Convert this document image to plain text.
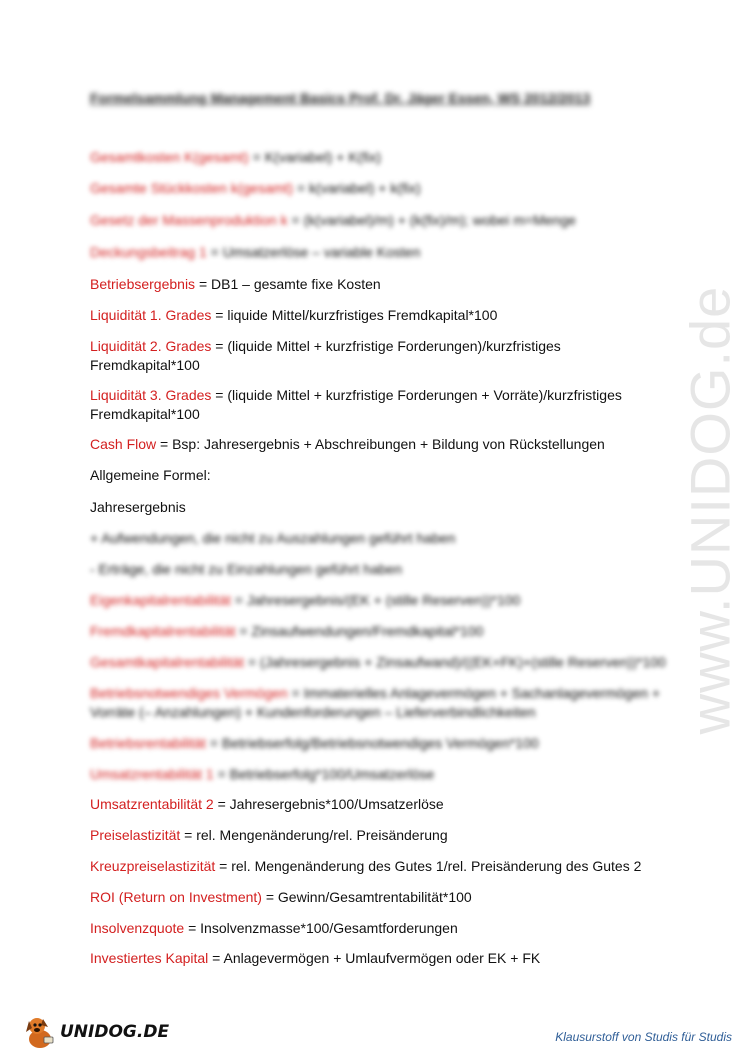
www.UNIDOG.de
Formelsammlung Management Basics Prof. Dr. Jäger Essen, WS 2012/2013
Gesamtkosten K(gesamt) = K(variabel) + K(fix)
Gesamte Stückkosten k(gesamt) = k(variabel) + k(fix)
Gesetz der Massenproduktion k = (k(variabel)/m) + (k(fix)/m); wobei m=Menge
Deckungsbeitrag 1 = Umsatzerlöse – variable Kosten
Betriebsergebnis = DB1 – gesamte fixe Kosten
Liquidität 1. Grades = liquide Mittel/kurzfristiges Fremdkapital*100
Liquidität 2. Grades = (liquide Mittel + kurzfristige Forderungen)/kurzfristiges Fremdkapital*100
Liquidität 3. Grades = (liquide Mittel + kurzfristige Forderungen + Vorräte)/kurzfristiges Fremdkapital*100
Cash Flow = Bsp: Jahresergebnis + Abschreibungen + Bildung von Rückstellungen
Allgemeine Formel:
Jahresergebnis
+ Aufwendungen, die nicht zu Auszahlungen geführt haben
- Erträge, die nicht zu Einzahlungen geführt haben
Eigenkapitalrentabilität = Jahresergebnis/(EK + (stille Reserven))*100
Fremdkapitalrentabilität = Zinsaufwendungen/Fremdkapital*100
Gesamtkapitalrentabilität = (Jahresergebnis + Zinsaufwand)/((EK+FK)+(stille Reserven))*100
Betriebsnotwendiges Vermögen = Immaterielles Anlagevermögen + Sachanlagevermögen + Vorräte (– Anzahlungen) + Kundenforderungen – Lieferverbindlichkeiten
Betriebsrentabilität = Betriebserfolg/Betriebsnotwendiges Vermögen*100
Umsatzrentabilität 1 = Betriebserfolg*100/Umsatzerlöse
Umsatzrentabilität 2 = Jahresergebnis*100/Umsatzerlöse
Preiselastizität = rel. Mengenänderung/rel. Preisänderung
Kreuzpreiselastizität = rel. Mengenänderung des Gutes 1/rel. Preisänderung des Gutes 2
ROI (Return on Investment) = Gewinn/Gesamtrentabilität*100
Insolvenzquote = Insolvenzmasse*100/Gesamtforderungen
Investiertes Kapital = Anlagevermögen + Umlaufvermögen oder EK + FK
UNIDOG.DE	Klausurstoff von Studis für Studis
